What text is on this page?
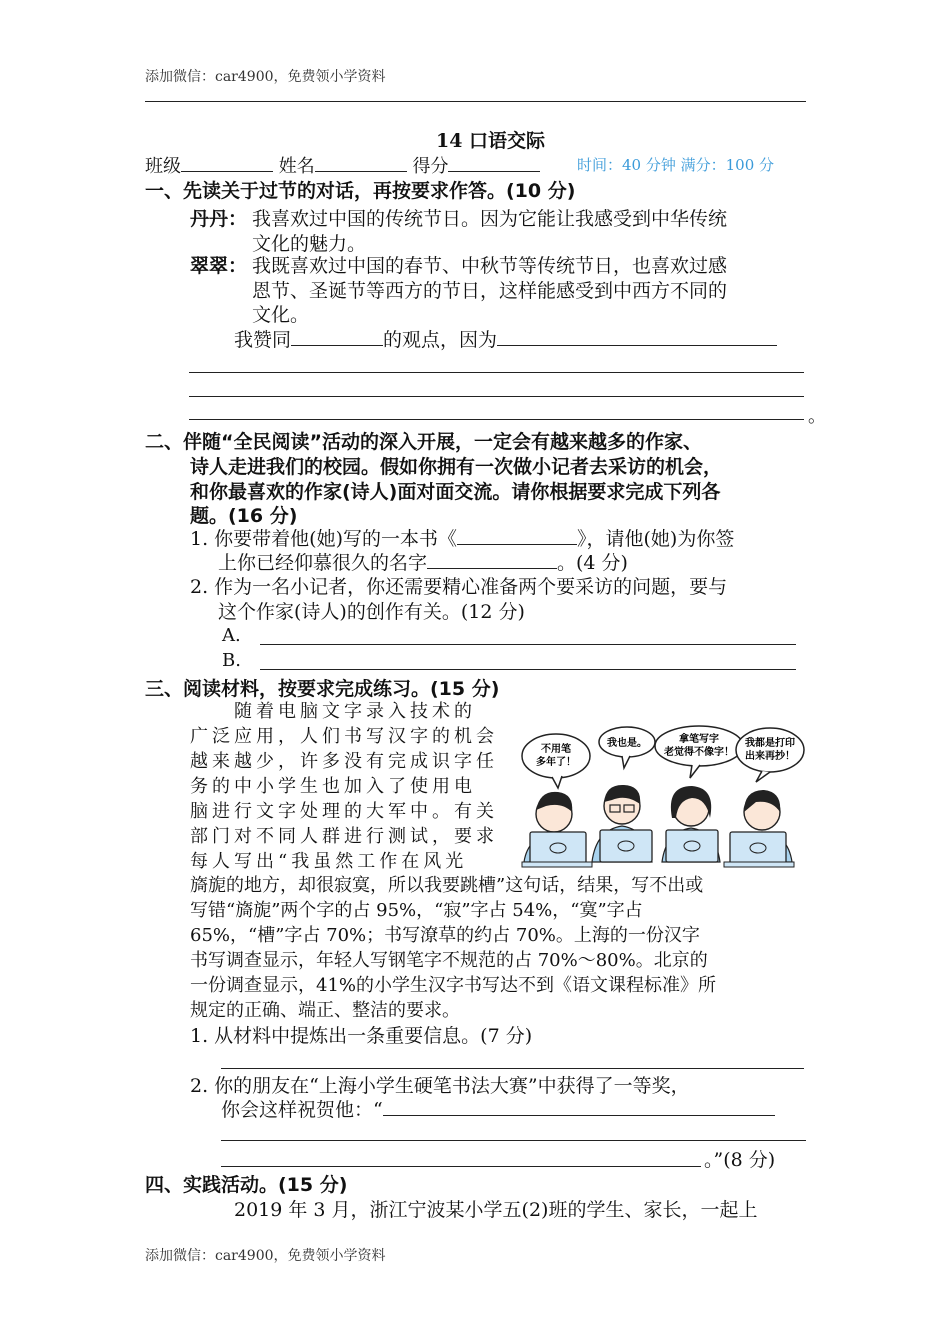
添加微信：car4900，免费领小学资料
14 口语交际
班级	姓名	得分	时间：40 分钟 满分：100 分
一、先读关于过节的对话，再按要求作答。(10 分)
丹丹： 我喜欢过中国的传统节日。因为它能让我感受到中华传统
文化的魅力。
翠翠： 我既喜欢过中国的春节、中秋节等传统节日，也喜欢过感
恩节、圣诞节等西方的节日，这样能感受到中西方不同的
文化。
我赞同	的观点，因为
。
二、伴随“全民阅读”活动的深入开展，一定会有越来越多的作家、
诗人走进我们的校园。假如你拥有一次做小记者去采访的机会，
和你最喜欢的作家(诗人)面对面交流。请你根据要求完成下列各
题。(16 分)
1. 你要带着他(她)写的一本书《	》，请他(她)为你签
上你已经仰慕很久的名字	。(4 分)
2. 作为一名小记者，你还需要精心准备两个要采访的问题，要与
这个作家(诗人)的创作有关。(12 分)
A.
B.
三、阅读材料，按要求完成练习。(15 分)
随着电脑文字录入技术的
广泛应用，人们书写汉字的机会
越来越少，许多没有完成识字任
务的中小学生也加入了使用电
脑进行文字处理的大军中。有关
部门对不同人群进行测试，要求
每人写出“我虽然工作在风光
不用笔
多年了！
我也是。	拿笔写字
老觉得不像字！
我都是打印
出来再抄！
旖旎的地方，却很寂寞，所以我要跳槽”这句话，结果，写不出或
写错“旖旎”两个字的占 95%，“寂”字占 54%，“寞”字占
65%，“槽”字占 70%；书写潦草的约占 70%。上海的一份汉字
书写调查显示，年轻人写钢笔字不规范的占 70%～80%。北京的
一份调查显示，41%的小学生汉字书写达不到《语文课程标准》所
规定的正确、端正、整洁的要求。
1. 从材料中提炼出一条重要信息。(7 分)
2. 你的朋友在“上海小学生硬笔书法大赛”中获得了一等奖，
你会这样祝贺他：“
。”(8 分)
四、实践活动。(15 分)
2019 年 3 月，浙江宁波某小学五(2)班的学生、家长，一起上
添加微信：car4900，免费领小学资料
